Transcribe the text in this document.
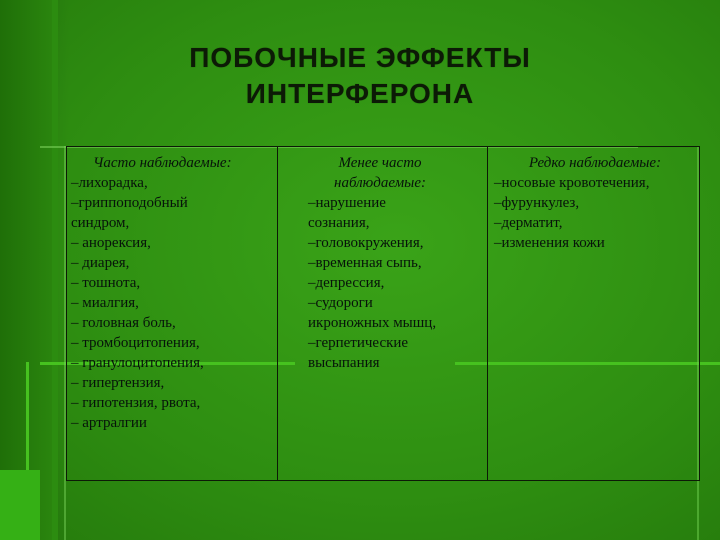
ПОБОЧНЫЕ ЭФФЕКТЫ
ИНТЕРФЕРОНА
Часто наблюдаемые:
–лихорадка,
–гриппоподобный
синдром,
– анорексия,
– диарея,
– тошнота,
– миалгия,
– головная боль,
– тромбоцитопения,
– гранулоцитопения,
– гипертензия,
– гипотензия, рвота,
– артралгии
Менее часто
наблюдаемые:
–нарушение
сознания,
–головокружения,
–временная сыпь,
–депрессия,
–судороги
икроножных мышц,
–герпетические
высыпания
Редко наблюдаемые:
–носовые кровотечения,
–фурункулез,
–дерматит,
–изменения кожи
